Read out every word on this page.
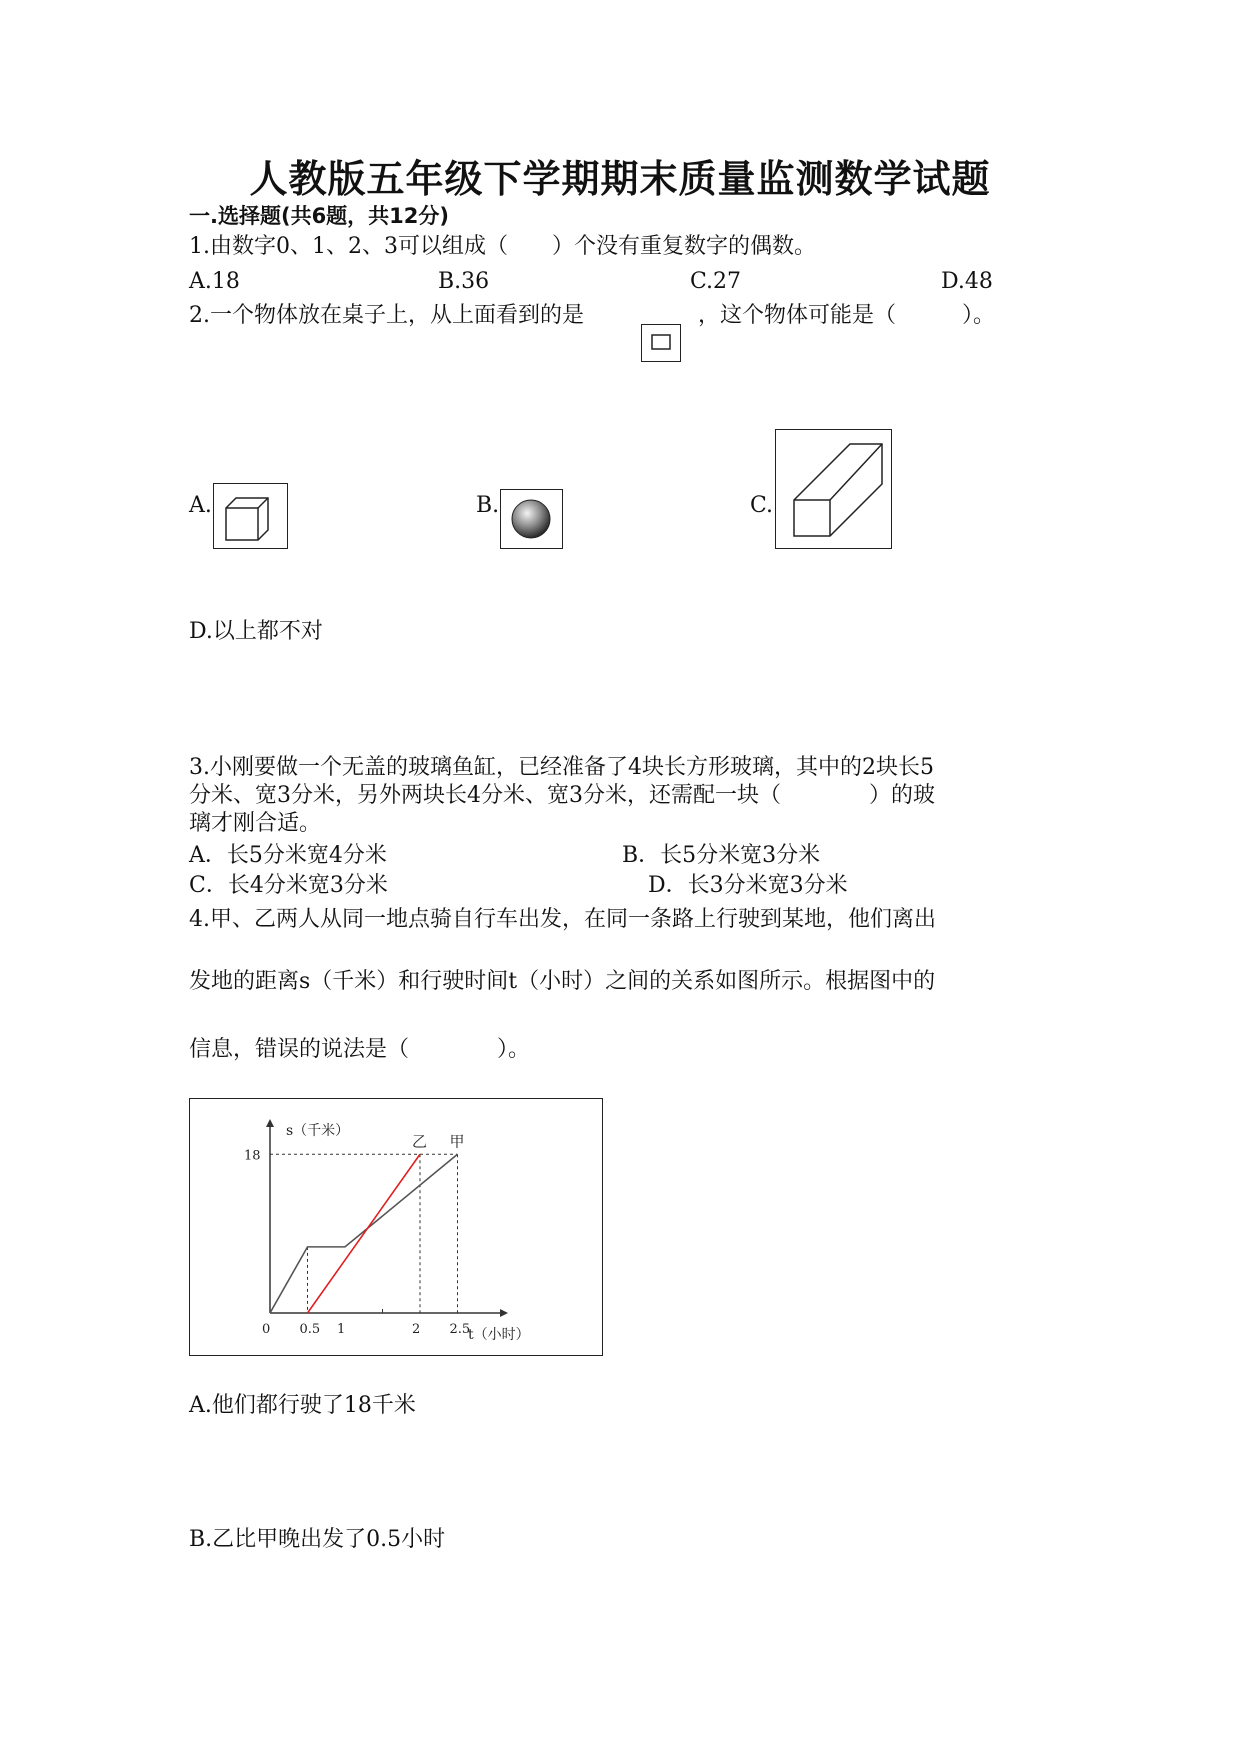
人教版五年级下学期期末质量监测数学试题
一.选择题(共6题，共12分)
1.由数字0、1、2、3可以组成（　　）个没有重复数字的偶数。
A.18	B.36	C.27	D.48
2.一个物体放在桌子上，从上面看到的是	，这个物体可能是（　　　）。
A.	B.	C.
D.以上都不对
3.小刚要做一个无盖的玻璃鱼缸，已经准备了4块长方形玻璃，其中的2块长5
分米、宽3分米，另外两块长4分米、宽3分米，还需配一块（　　　　）的玻
璃才刚合适。
A．长5分米宽4分米	B．长5分米宽3分米
C．长4分米宽3分米	D．长3分米宽3分米
4.甲、乙两人从同一地点骑自行车出发，在同一条路上行驶到某地，他们离出
发地的距离s（千米）和行驶时间t（小时）之间的关系如图所示。根据图中的
信息，错误的说法是（　　　　）。
s（千米）
t（小时）
0 0.5 1	2 2.5
18
甲
乙
A.他们都行驶了18千米
B.乙比甲晚出发了0.5小时
